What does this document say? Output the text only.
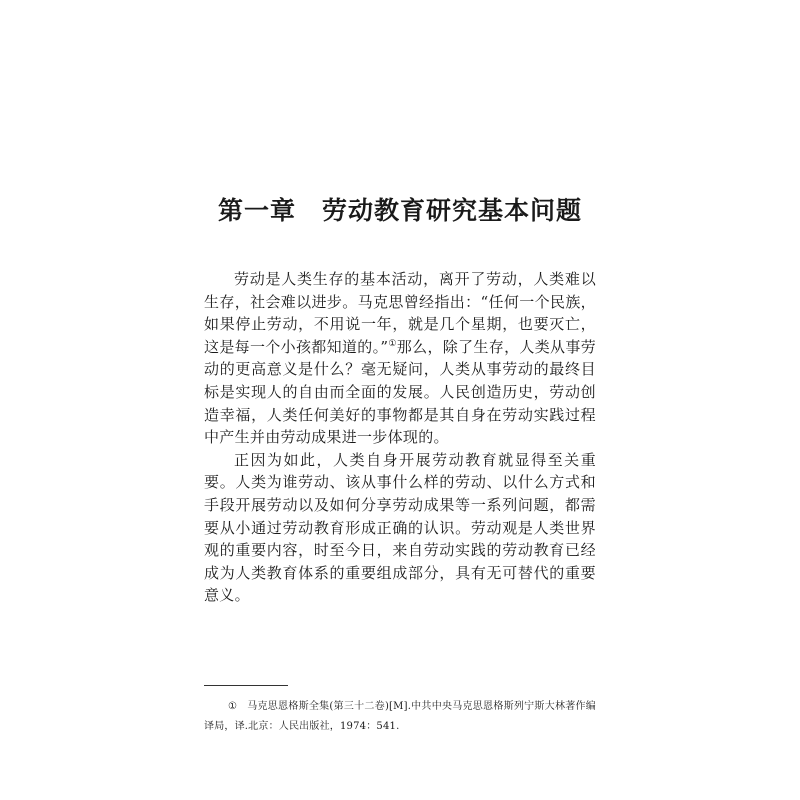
第一章　劳动教育研究基本问题

劳动是人类生存的基本活动，离开了劳动，人类难以生存，社会难以进步。马克思曾经指出：“任何一个民族，如果停止劳动，不用说一年，就是几个星期，也要灭亡，这是每一个小孩都知道的。”①那么，除了生存，人类从事劳动的更高意义是什么？毫无疑问，人类从事劳动的最终目标是实现人的自由而全面的发展。人民创造历史，劳动创造幸福，人类任何美好的事物都是其自身在劳动实践过程中产生并由劳动成果进一步体现的。

正因为如此，人类自身开展劳动教育就显得至关重要。人类为谁劳动、该从事什么样的劳动、以什么方式和手段开展劳动以及如何分享劳动成果等一系列问题，都需要从小通过劳动教育形成正确的认识。劳动观是人类世界观的重要内容，时至今日，来自劳动实践的劳动教育已经成为人类教育体系的重要组成部分，具有无可替代的重要意义。

① 马克思恩格斯全集(第三十二卷)[M].中共中央马克思恩格斯列宁斯大林著作编译局，译.北京：人民出版社，1974：541.
